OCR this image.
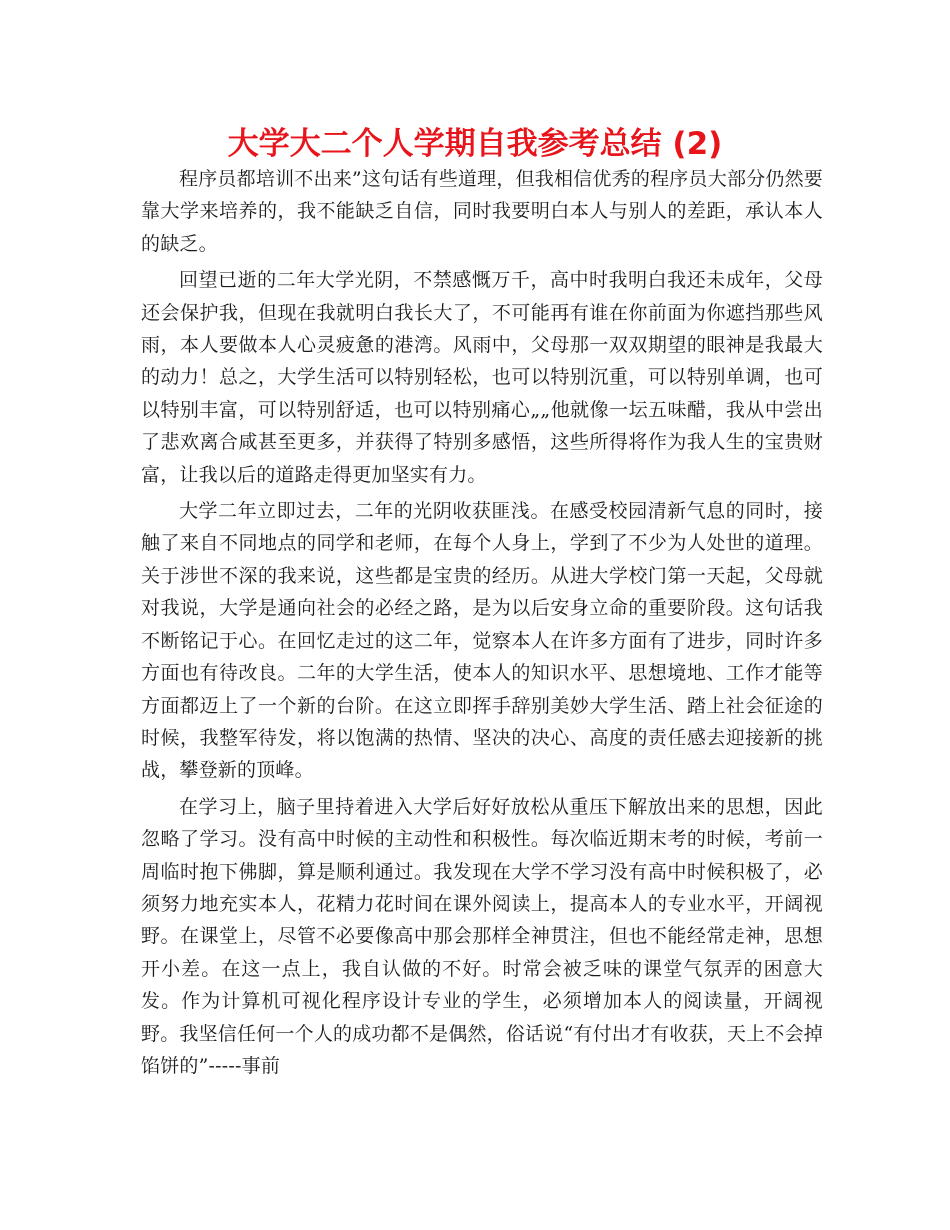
大学大二个人学期自我参考总结 (2)

程序员都培训不出来”这句话有些道理，但我相信优秀的程序员大部分仍然要靠大学来培养的，我不能缺乏自信，同时我要明白本人与别人的差距，承认本人的缺乏。

回望已逝的二年大学光阴，不禁感慨万千，高中时我明白我还未成年，父母还会保护我，但现在我就明白我长大了，不可能再有谁在你前面为你遮挡那些风雨，本人要做本人心灵疲惫的港湾。风雨中，父母那一双双期望的眼神是我最大的动力！总之，大学生活可以特别轻松，也可以特别沉重，可以特别单调，也可以特别丰富，可以特别舒适，也可以特别痛心„„他就像一坛五味醋，我从中尝出了悲欢离合咸甚至更多，并获得了特别多感悟，这些所得将作为我人生的宝贵财富，让我以后的道路走得更加坚实有力。

大学二年立即过去，二年的光阴收获匪浅。在感受校园清新气息的同时，接触了来自不同地点的同学和老师，在每个人身上，学到了不少为人处世的道理。关于涉世不深的我来说，这些都是宝贵的经历。从进大学校门第一天起，父母就对我说，大学是通向社会的必经之路，是为以后安身立命的重要阶段。这句话我不断铭记于心。在回忆走过的这二年，觉察本人在许多方面有了进步，同时许多方面也有待改良。二年的大学生活，使本人的知识水平、思想境地、工作才能等方面都迈上了一个新的台阶。在这立即挥手辞别美妙大学生活、踏上社会征途的时候，我整军待发，将以饱满的热情、坚决的决心、高度的责任感去迎接新的挑战，攀登新的顶峰。

在学习上，脑子里持着进入大学后好好放松从重压下解放出来的思想，因此忽略了学习。没有高中时候的主动性和积极性。每次临近期末考的时候，考前一周临时抱下佛脚，算是顺利通过。我发现在大学不学习没有高中时候积极了，必须努力地充实本人，花精力花时间在课外阅读上，提高本人的专业水平，开阔视野。在课堂上，尽管不必要像高中那会那样全神贯注，但也不能经常走神，思想开小差。在这一点上，我自认做的不好。时常会被乏味的课堂气氛弄的困意大发。作为计算机可视化程序设计专业的学生，必须增加本人的阅读量，开阔视野。我坚信任何一个人的成功都不是偶然，俗话说“有付出才有收获，天上不会掉馅饼的”-----事前
